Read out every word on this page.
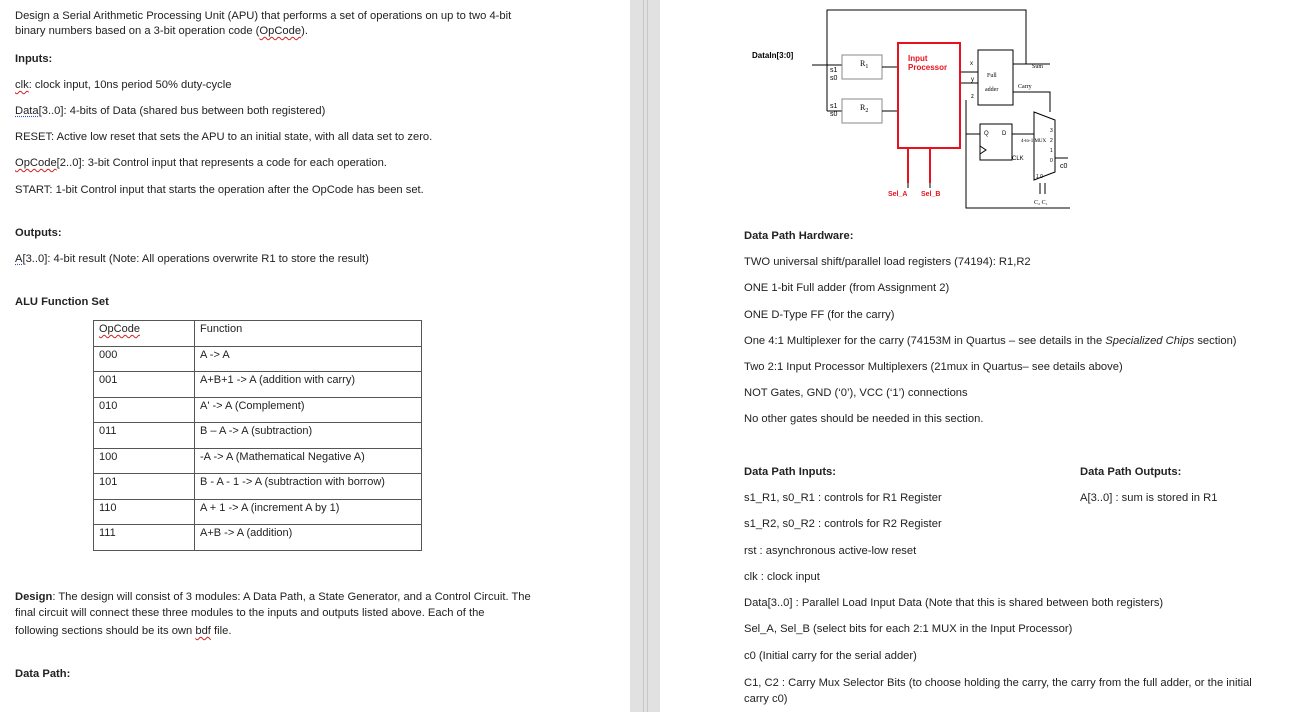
Design a Serial Arithmetic Processing Unit (APU) that performs a set of operations on up to two 4-bit
binary numbers based on a 3-bit operation code (OpCode).
Inputs:
clk: clock input, 10ns period 50% duty-cycle
Data[3..0]: 4-bits of Data (shared bus between both registered)
RESET: Active low reset that sets the APU to an initial state, with all data set to zero.
OpCode[2..0]: 3-bit Control input that represents a code for each operation.
START: 1-bit Control input that starts the operation after the OpCode has been set.
Outputs:
A[3..0]: 4-bit result (Note: All operations overwrite R1 to store the result)
ALU Function Set
OpCode	Function
000	A -> A
001	A+B+1 -> A (addition with carry)
010	A' -> A (Complement)
011	B – A -> A (subtraction)
100	-A -> A (Mathematical Negative A)
101	B - A - 1 -> A (subtraction with borrow)
110	A + 1 -> A (increment A by 1)
111	A+B -> A (addition)
Design: The design will consist of 3 modules: A Data Path, a State Generator, and a Control Circuit. The
final circuit will connect these three modules to the inputs and outputs listed above. Each of the
following sections should be its own bdf file.
Data Path:
DataIn[3:0]
s1
s0
s1
s0
$R_1$
$R_2$
Input
Processor
Sel_A Sel_B
x
y
z
Full
adder
Sum
Carry
4-to-1 MUX
Q D
CLK
3
2
1
0
1 0
c0
C₂ C₁
Data Path Hardware:
TWO universal shift/parallel load registers (74194): R1,R2
ONE 1-bit Full adder (from Assignment 2)
ONE D-Type FF (for the carry)
One 4:1 Multiplexer for the carry (74153M in Quartus – see details in the Specialized Chips section)
Two 2:1 Input Processor Multiplexers (21mux in Quartus– see details above)
NOT Gates, GND (‘0’), VCC (‘1’) connections
No other gates should be needed in this section.
Data Path Inputs:	Data Path Outputs:
A[3..0] : sum is stored in R1
s1_R1, s0_R1 : controls for R1 Register
s1_R2, s0_R2 : controls for R2 Register
rst : asynchronous active-low reset
clk : clock input
Data[3..0] : Parallel Load Input Data (Note that this is shared between both registers)
Sel_A, Sel_B (select bits for each 2:1 MUX in the Input Processor)
c0 (Initial carry for the serial adder)
C1, C2 : Carry Mux Selector Bits (to choose holding the carry, the carry from the full adder, or the initial
carry c0)
